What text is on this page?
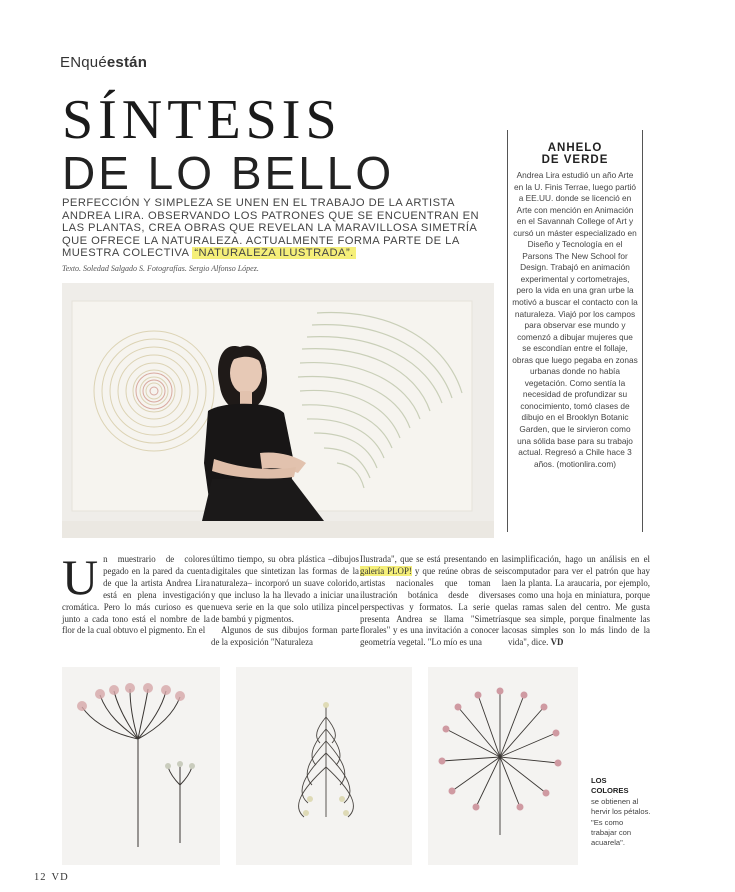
ENquéestán
SÍNTESIS
DE LO BELLO
PERFECCIÓN Y SIMPLEZA SE UNEN EN EL TRABAJO DE LA ARTISTA ANDREA LIRA. OBSERVANDO LOS PATRONES QUE SE ENCUENTRAN EN LAS PLANTAS, CREA OBRAS QUE REVELAN LA MARAVILLOSA SIMETRÍA QUE OFRECE LA NATURALEZA. ACTUALMENTE FORMA PARTE DE LA MUESTRA COLECTIVA “NATURALEZA ILUSTRADA”.
Texto. Soledad Salgado S. Fotografías. Sergio Alfonso López.
ANHELO
DE VERDE
Andrea Lira estudió un año Arte en la U. Finis Terrae, luego partió a EE.UU. donde se licenció en Arte con mención en Animación en el Savannah College of Art y cursó un máster especializado en Diseño y Tecnología en el Parsons The New School for Design. Trabajó en animación experimental y cortometrajes, pero la vida en una gran urbe la motivó a buscar el contacto con la naturaleza. Viajó por los campos para observar ese mundo y comenzó a dibujar mujeres que se escondían entre el follaje, obras que luego pegaba en zonas urbanas donde no había vegetación. Como sentía la necesidad de profundizar su conocimiento, tomó clases de dibujo en el Brooklyn Botanic Garden, que le sirvieron como una sólida base para su trabajo actual. Regresó a Chile hace 3 años. (motionlira.com)
Un muestrario de colores pegado en la pared da cuenta de que la artista Andrea Lira está en plena investigación cromática. Pero lo más curioso es que junto a cada tono está el nombre de la flor de la cual obtuvo el pigmento. En el
último tiempo, su obra plástica –dibujos digitales que sintetizan las formas de la naturaleza– incorporó un suave colorido, y que incluso la ha llevado a iniciar una nueva serie en la que solo utiliza pincel de bambú y pigmentos.
Algunos de sus dibujos forman parte de la exposición "Naturaleza
Ilustrada", que se está presentando en la galería PLOP! y que reúne obras de seis artistas nacionales que toman la ilustración botánica desde diversas perspectivas y formatos. La serie que presenta Andrea se llama "Simetrías florales" y es una invitación a conocer la geometría vegetal. "Lo mío es una
simplificación, hago un análisis en el computador para ver el patrón que hay en la planta. La araucaria, por ejemplo, es como una hoja en miniatura, porque las ramas salen del centro. Me gusta que sea simple, porque finalmente las cosas simples son lo más lindo de la vida", dice. VD
LOS
COLORES
se obtienen al hervir los pétalos. "Es como trabajar con acuarela".
12 VD
